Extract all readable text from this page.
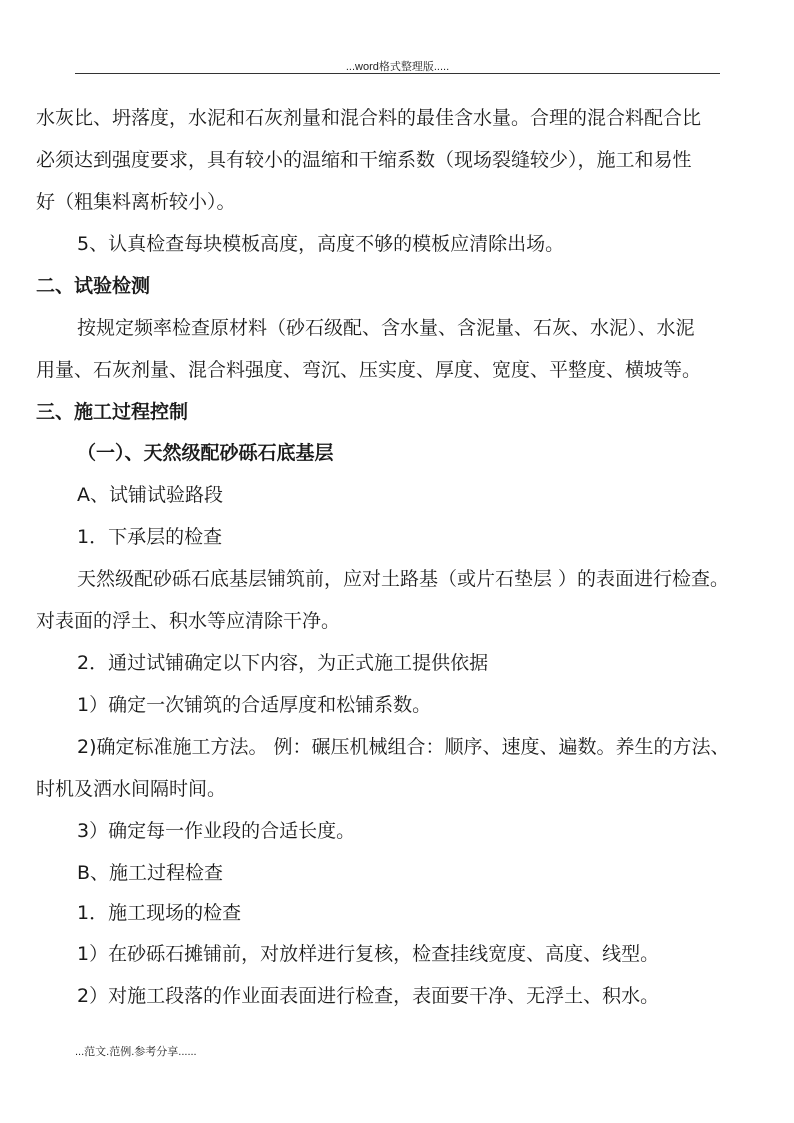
...word格式整理版.....
水灰比、坍落度，水泥和石灰剂量和混合料的最佳含水量。合理的混合料配合比
必须达到强度要求，具有较小的温缩和干缩系数（现场裂缝较少），施工和易性
好（粗集料离析较小）。
5、认真检查每块模板高度，高度不够的模板应清除出场。
二、试验检测
按规定频率检查原材料（砂石级配、含水量、含泥量、石灰、水泥）、水泥
用量、石灰剂量、混合料强度、弯沉、压实度、厚度、宽度、平整度、横坡等。
三、施工过程控制
（一）、天然级配砂砾石底基层
A、试铺试验路段
1．下承层的检查
天然级配砂砾石底基层铺筑前，应对土路基（或片石垫层 ）的表面进行检查。
对表面的浮土、积水等应清除干净。
2．通过试铺确定以下内容，为正式施工提供依据
1）确定一次铺筑的合适厚度和松铺系数。
2)确定标准施工方法。 例：碾压机械组合：顺序、速度、遍数。养生的方法、
时机及洒水间隔时间。
3）确定每一作业段的合适长度。
B、施工过程检查
1．施工现场的检查
1）在砂砾石摊铺前，对放样进行复核，检查挂线宽度、高度、线型。
2）对施工段落的作业面表面进行检查，表面要干净、无浮土、积水。
...范文.范例.参考分享......
